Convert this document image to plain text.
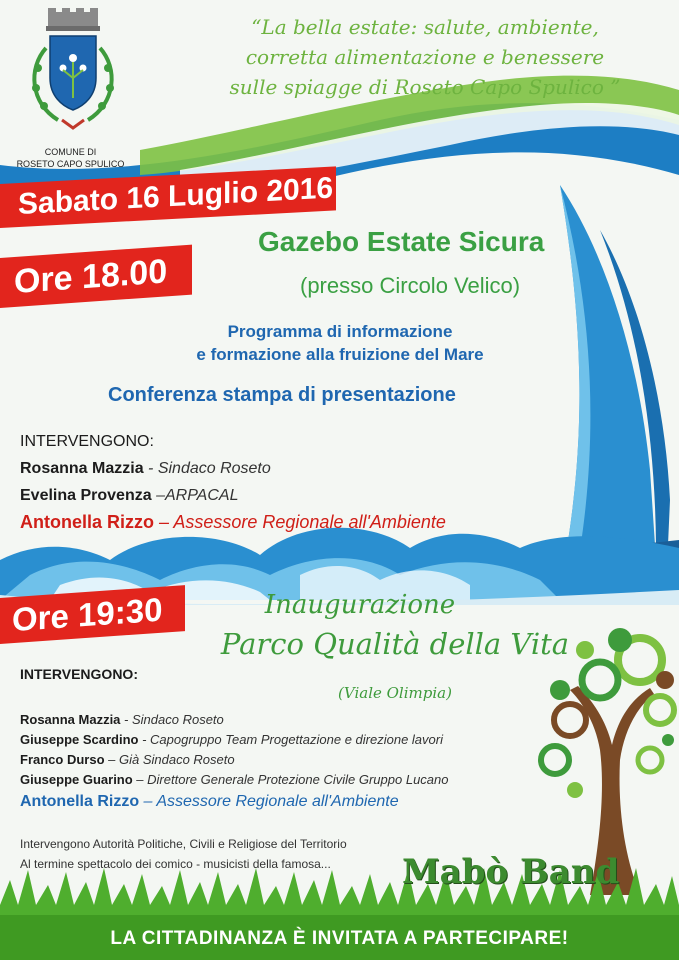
COMUNE DI
ROSETO CAPO SPULICO
“La bella estate: salute, ambiente,
corretta alimentazione e benessere
sulle spiagge di Roseto Capo Spulico ”
Sabato 16 Luglio 2016
Ore 18.00
Gazebo Estate Sicura
(presso Circolo Velico)
Programma di informazione
e formazione alla fruizione del Mare
Conferenza stampa di presentazione
INTERVENGONO:
Rosanna Mazzia - Sindaco Roseto
Evelina Provenza –ARPACAL
Antonella Rizzo – Assessore Regionale all'Ambiente
Ore 19:30	Inaugurazione
Parco Qualità della Vita
(Viale Olimpia)
INTERVENGONO:
Rosanna Mazzia - Sindaco Roseto
Giuseppe Scardino - Capogruppo Team Progettazione e direzione lavori
Franco Durso – Già Sindaco Roseto
Giuseppe Guarino – Direttore Generale Protezione Civile Gruppo Lucano
Antonella Rizzo – Assessore Regionale all'Ambiente
Intervengono Autorità Politiche, Civili e Religiose del Territorio
Al termine spettacolo dei comico - musicisti della famosa...	Mabò Band
LA CITTADINANZA È INVITATA A PARTECIPARE!
